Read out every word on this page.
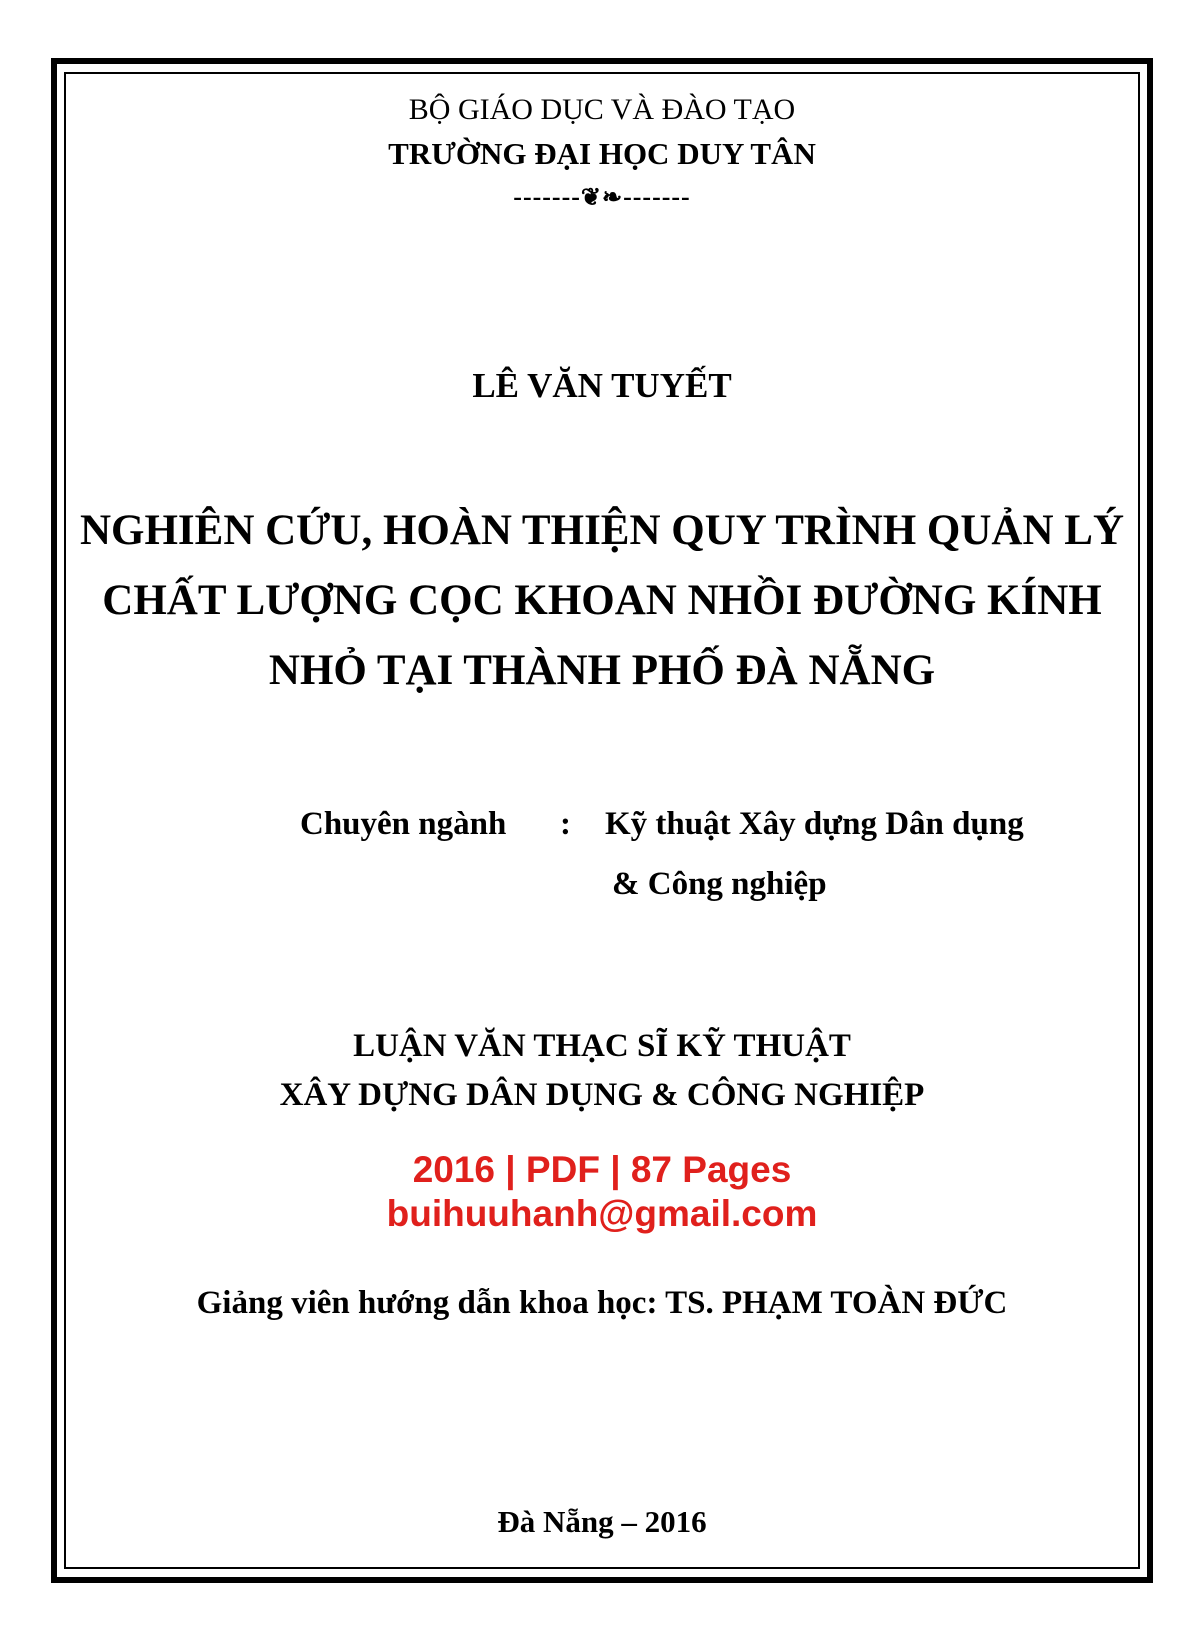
BỘ GIÁO DỤC VÀ ĐÀO TẠO
TRƯỜNG ĐẠI HỌC DUY TÂN
-------❦❧-------
LÊ VĂN TUYẾT
NGHIÊN CỨU, HOÀN THIỆN QUY TRÌNH QUẢN LÝ
CHẤT LƯỢNG CỌC KHOAN NHỒI ĐƯỜNG KÍNH
NHỎ TẠI THÀNH PHỐ ĐÀ NẴNG
Chuyên ngành : Kỹ thuật Xây dựng Dân dụng
& Công nghiệp
LUẬN VĂN THẠC SĨ KỸ THUẬT
XÂY DỰNG DÂN DỤNG & CÔNG NGHIỆP
2016 | PDF | 87 Pages
buihuuhanh@gmail.com
Giảng viên hướng dẫn khoa học: TS. PHẠM TOÀN ĐỨC
Đà Nẵng – 2016
